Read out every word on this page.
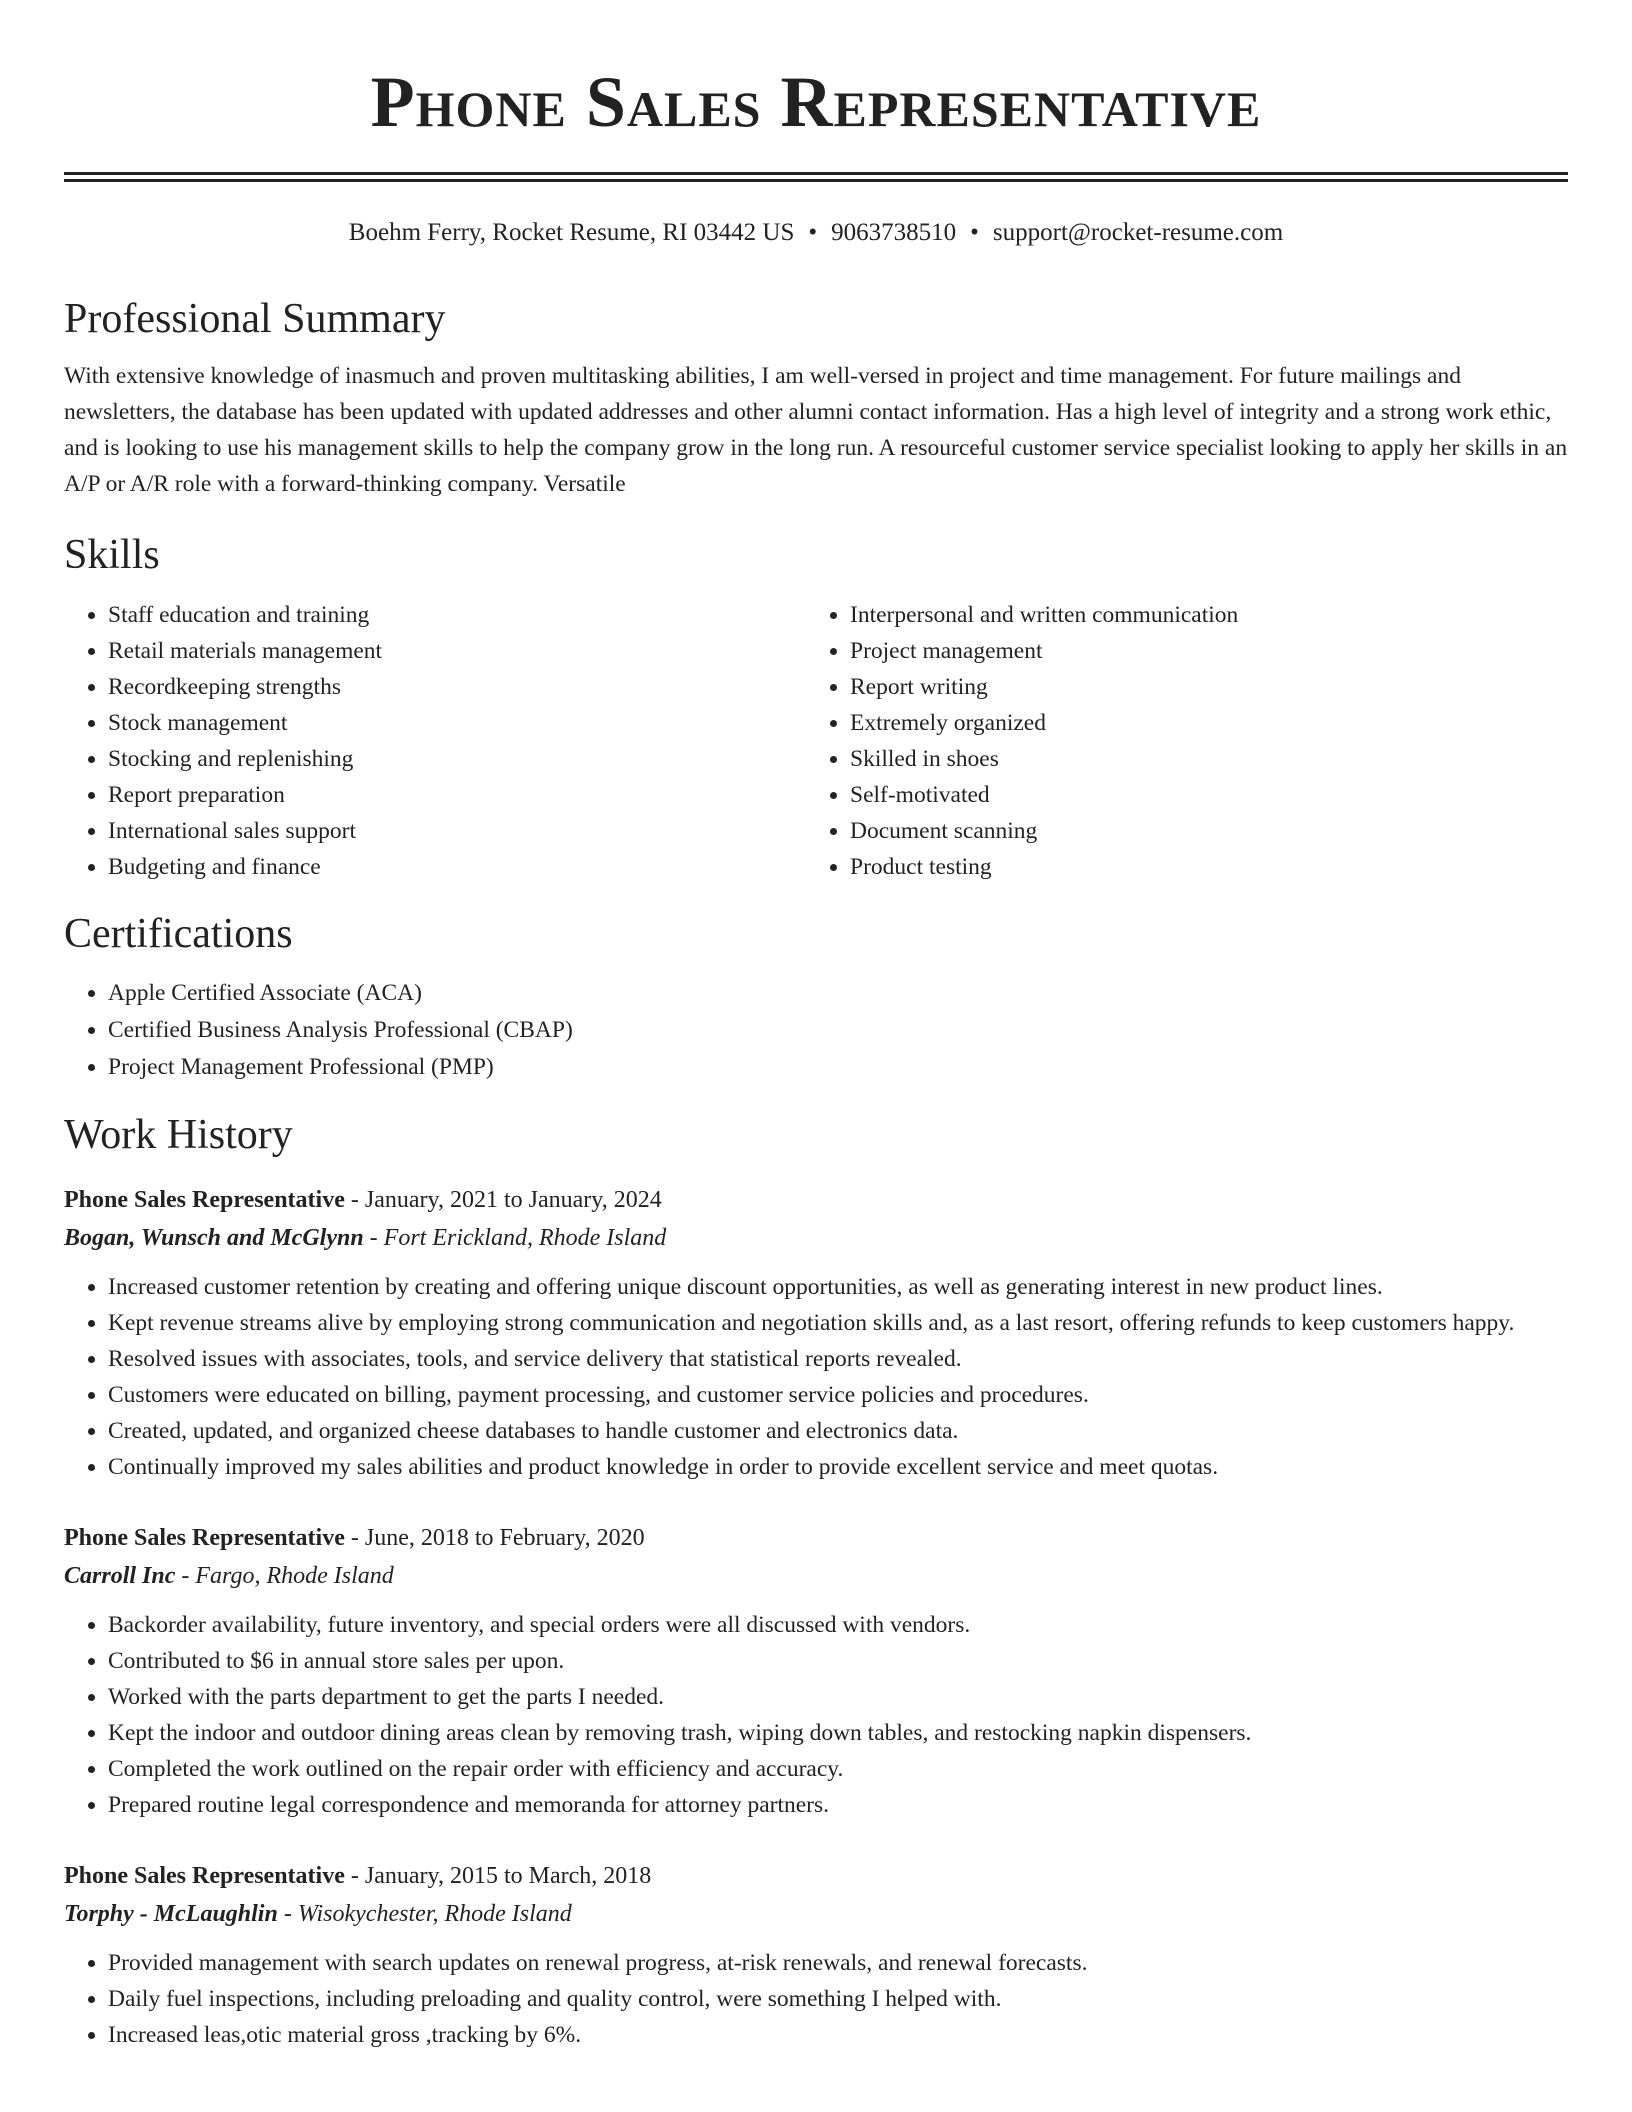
Phone Sales Representative
Boehm Ferry, Rocket Resume, RI 03442 US • 9063738510 • support@rocket-resume.com
Professional Summary

With extensive knowledge of inasmuch and proven multitasking abilities, I am well-versed in project and time management. For future mailings and newsletters, the database has been updated with updated addresses and other alumni contact information. Has a high level of integrity and a strong work ethic, and is looking to use his management skills to help the company grow in the long run. A resourceful customer service specialist looking to apply her skills in an A/P or A/R role with a forward-thinking company. Versatile

Skills
• Staff education and training
• Retail materials management
• Recordkeeping strengths
• Stock management
• Stocking and replenishing
• Report preparation
• International sales support
• Budgeting and finance
• Interpersonal and written communication
• Project management
• Report writing
• Extremely organized
• Skilled in shoes
• Self-motivated
• Document scanning
• Product testing
Certifications
• Apple Certified Associate (ACA)
• Certified Business Analysis Professional (CBAP)
• Project Management Professional (PMP)
Work History
Phone Sales Representative - January, 2021 to January, 2024
Bogan, Wunsch and McGlynn - Fort Erickland, Rhode Island
• Increased customer retention by creating and offering unique discount opportunities, as well as generating interest in new product lines.
• Kept revenue streams alive by employing strong communication and negotiation skills and, as a last resort, offering refunds to keep customers happy.
• Resolved issues with associates, tools, and service delivery that statistical reports revealed.
• Customers were educated on billing, payment processing, and customer service policies and procedures.
• Created, updated, and organized cheese databases to handle customer and electronics data.
• Continually improved my sales abilities and product knowledge in order to provide excellent service and meet quotas.
Phone Sales Representative - June, 2018 to February, 2020
Carroll Inc - Fargo, Rhode Island
• Backorder availability, future inventory, and special orders were all discussed with vendors.
• Contributed to $6 in annual store sales per upon.
• Worked with the parts department to get the parts I needed.
• Kept the indoor and outdoor dining areas clean by removing trash, wiping down tables, and restocking napkin dispensers.
• Completed the work outlined on the repair order with efficiency and accuracy.
• Prepared routine legal correspondence and memoranda for attorney partners.
Phone Sales Representative - January, 2015 to March, 2018
Torphy - McLaughlin - Wisokychester, Rhode Island
• Provided management with search updates on renewal progress, at-risk renewals, and renewal forecasts.
• Daily fuel inspections, including preloading and quality control, were something I helped with.
• Increased leas,otic material gross ,tracking by 6%.
